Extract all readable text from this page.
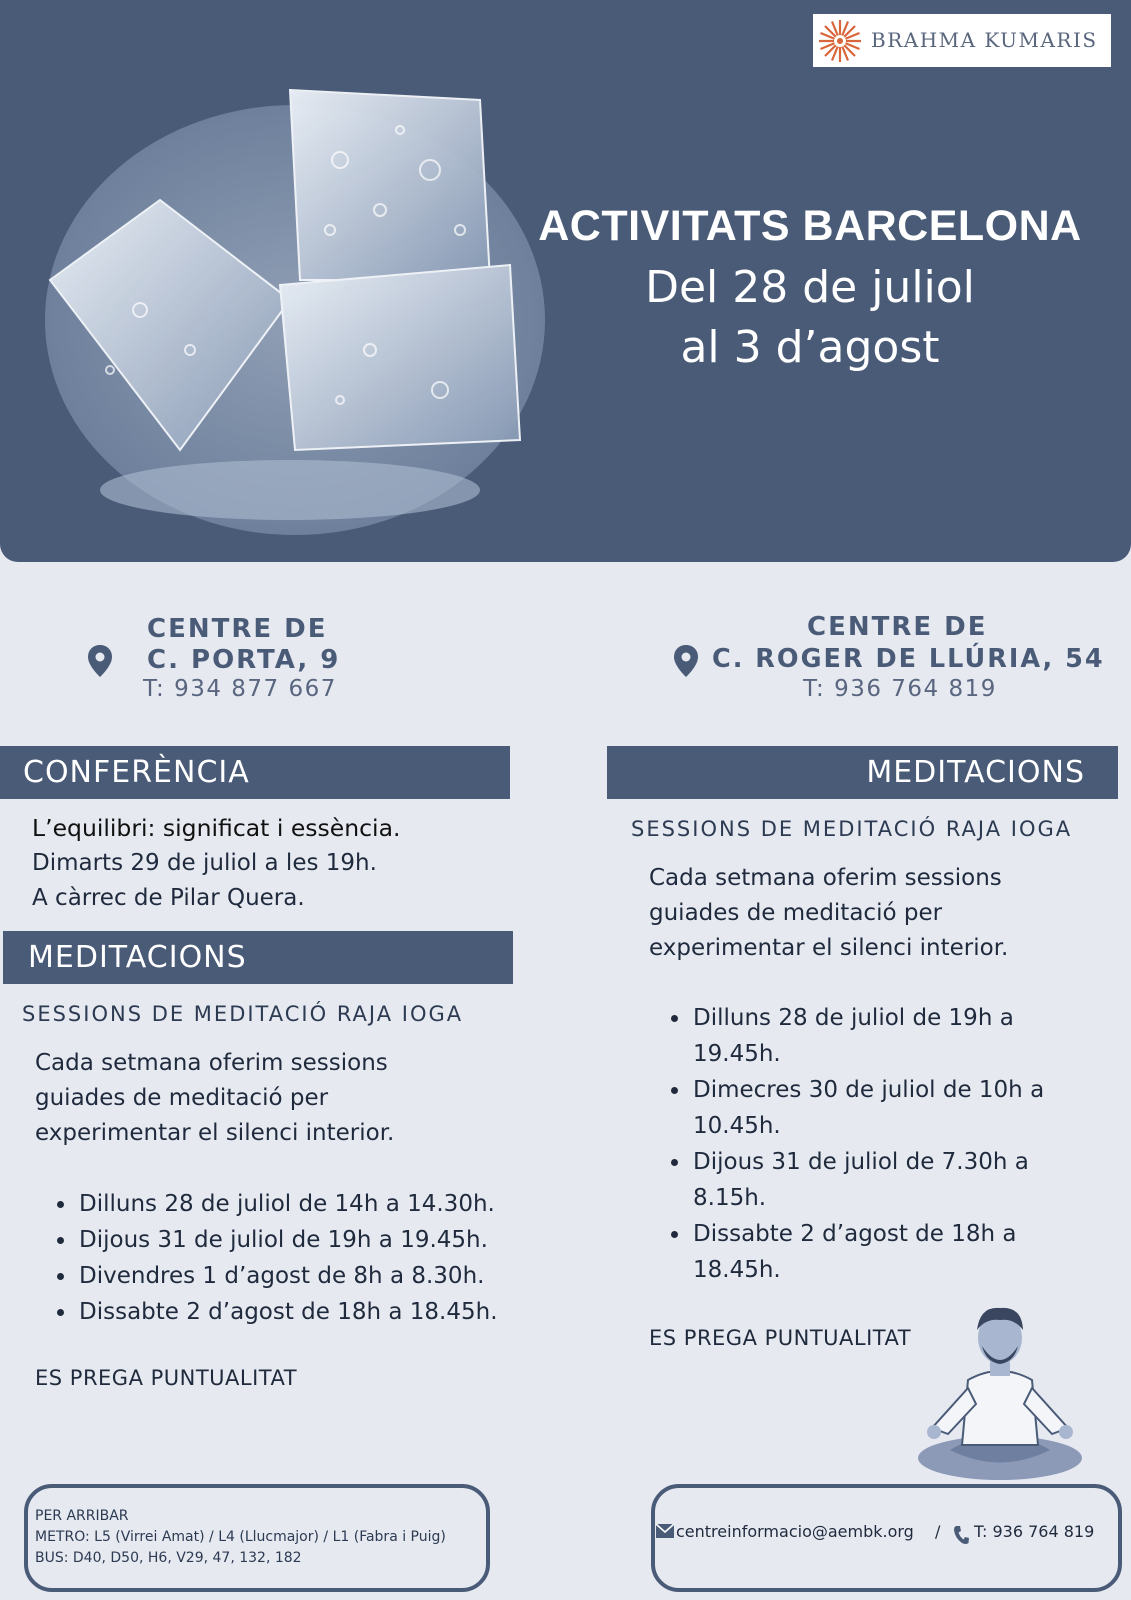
BRAHMA KUMARIS
ACTIVITATS BARCELONA
Del 28 de juliol
al 3 d’agost
CENTRE DE
C. PORTA, 9
T: 934 877 667
CENTRE DE
C. ROGER DE LLÚRIA, 54
T: 936 764 819
CONFERÈNCIA
L’equilibri: significat i essència.
Dimarts 29 de juliol a les 19h.
A càrrec de Pilar Quera.
MEDITACIONS
SESSIONS DE MEDITACIÓ RAJA IOGA
Cada setmana oferim sessions
guiades de meditació per
experimentar el silenci interior.
• Dilluns 28 de juliol de 14h a 14.30h.
• Dijous 31 de juliol de 19h a 19.45h.
• Divendres 1 d’agost de 8h a 8.30h.
• Dissabte 2 d’agost de 18h a 18.45h.
ES PREGA PUNTUALITAT
MEDITACIONS
SESSIONS DE MEDITACIÓ RAJA IOGA
Cada setmana oferim sessions
guiades de meditació per
experimentar el silenci interior.
• Dilluns 28 de juliol de 19h a 19.45h.
• Dimecres 30 de juliol de 10h a 10.45h.
• Dijous 31 de juliol de 7.30h a 8.15h.
• Dissabte 2 d’agost de 18h a 18.45h.
ES PREGA PUNTUALITAT
PER ARRIBAR
METRO: L5 (Virrei Amat) / L4 (Llucmajor) / L1 (Fabra i Puig)
BUS: D40, D50, H6, V29, 47, 132, 182
centreinformacio@aembk.org / T: 936 764 819
